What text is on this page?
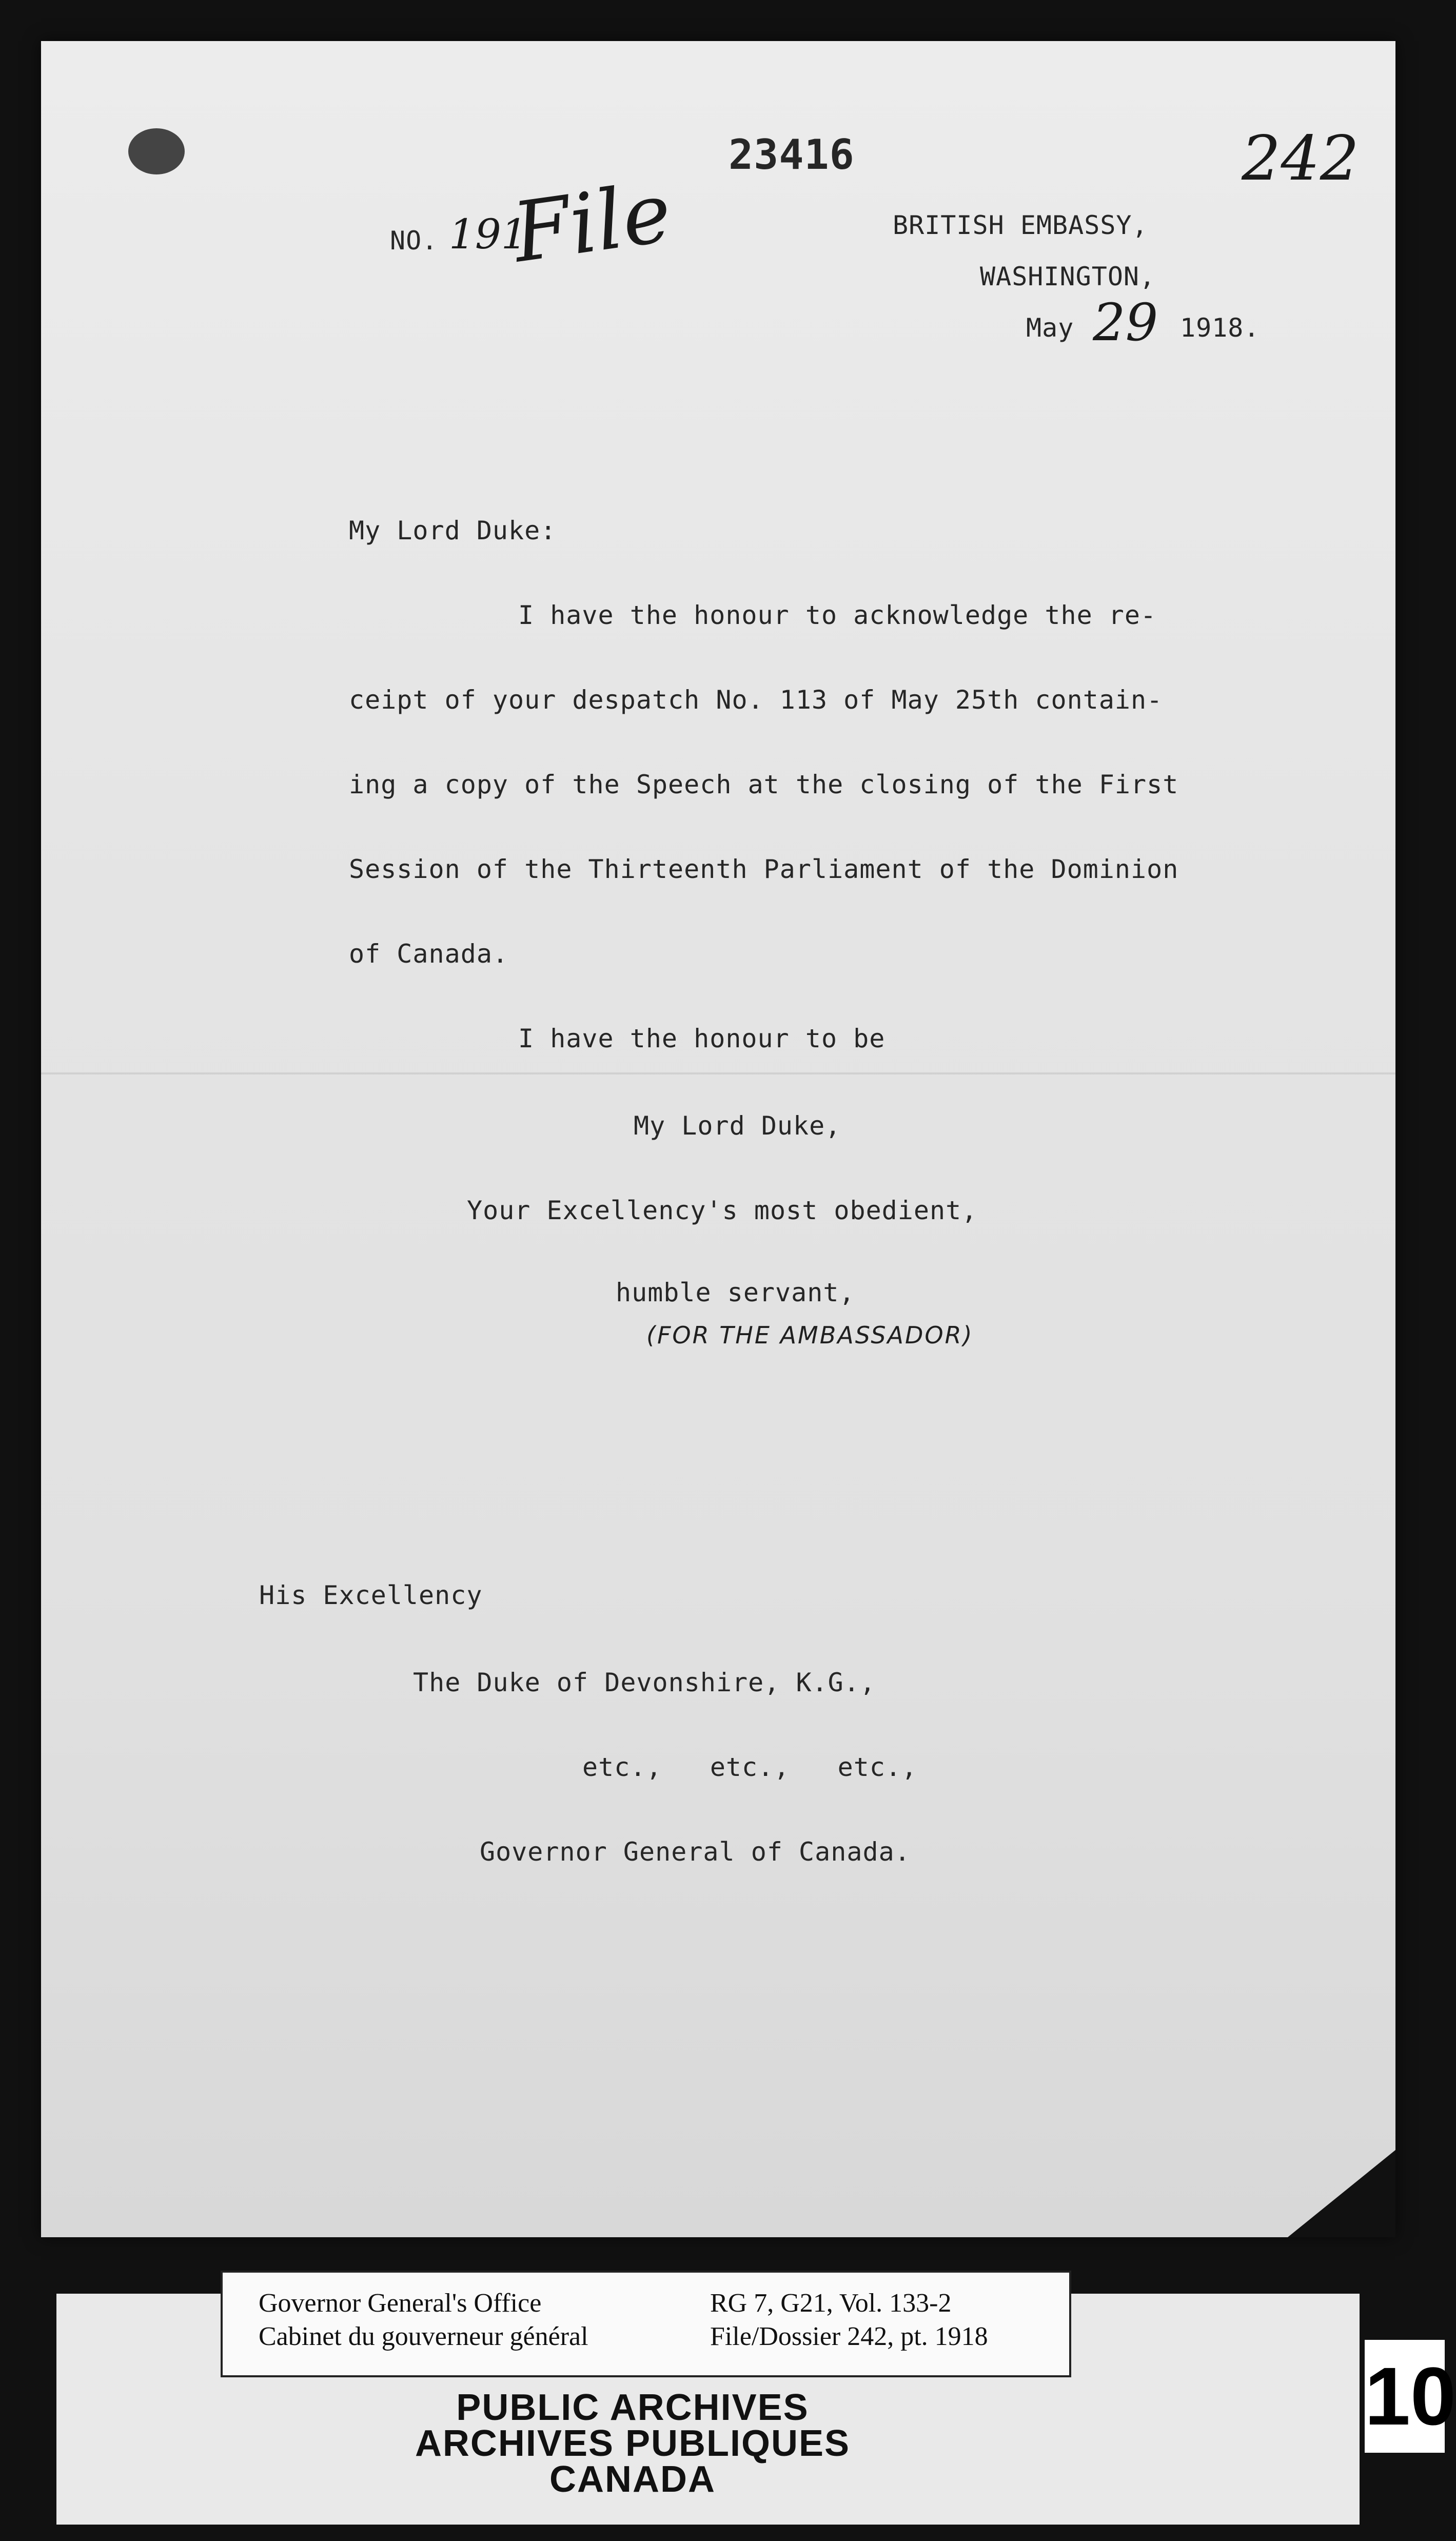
242
23416
NO. 191
File	BRITISH EMBASSY,
WASHINGTON,
May 29 1918.
My Lord Duke:
I have the honour to acknowledge the re-
ceipt of your despatch No. 113 of May 25th contain-
ing a copy of the Speech at the closing of the First
Session of the Thirteenth Parliament of the Dominion
of Canada.
I have the honour to be
My Lord Duke,
Your Excellency's most obedient,
humble servant,
(FOR THE AMBASSADOR)
His Excellency
The Duke of Devonshire, K.G.,
etc.,   etc.,   etc.,
Governor General of Canada.
Governor General's Office
Cabinet du gouverneur général
RG 7, G21, Vol. 133-2
File/Dossier 242, pt. 1918
PUBLIC ARCHIVES
ARCHIVES PUBLIQUES
CANADA
10
